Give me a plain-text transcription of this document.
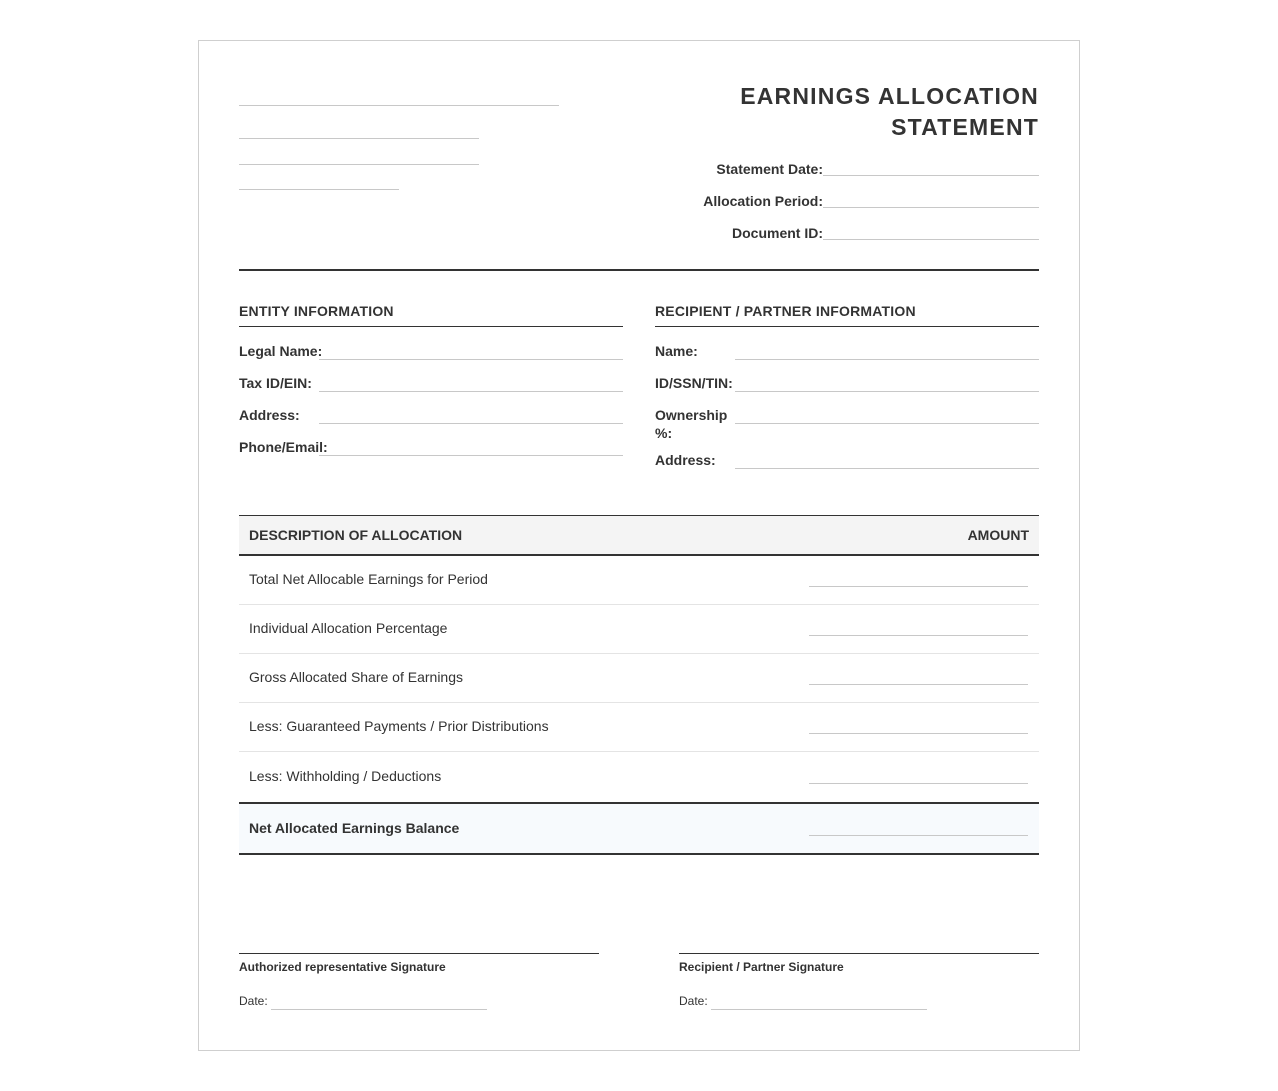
EARNINGS ALLOCATION
STATEMENT
Statement Date:
Allocation Period:
Document ID:
ENTITY INFORMATION
Legal Name:
Tax ID/EIN:
Address:
Phone/Email:
RECIPIENT / PARTNER INFORMATION
Name:
ID/SSN/TIN:
Ownership %:
Address:
DESCRIPTION OF ALLOCATION	AMOUNT
Total Net Allocable Earnings for Period
Individual Allocation Percentage
Gross Allocated Share of Earnings
Less: Guaranteed Payments / Prior Distributions
Less: Withholding / Deductions
Net Allocated Earnings Balance
Authorized representative Signature
Date:
Recipient / Partner Signature
Date:
